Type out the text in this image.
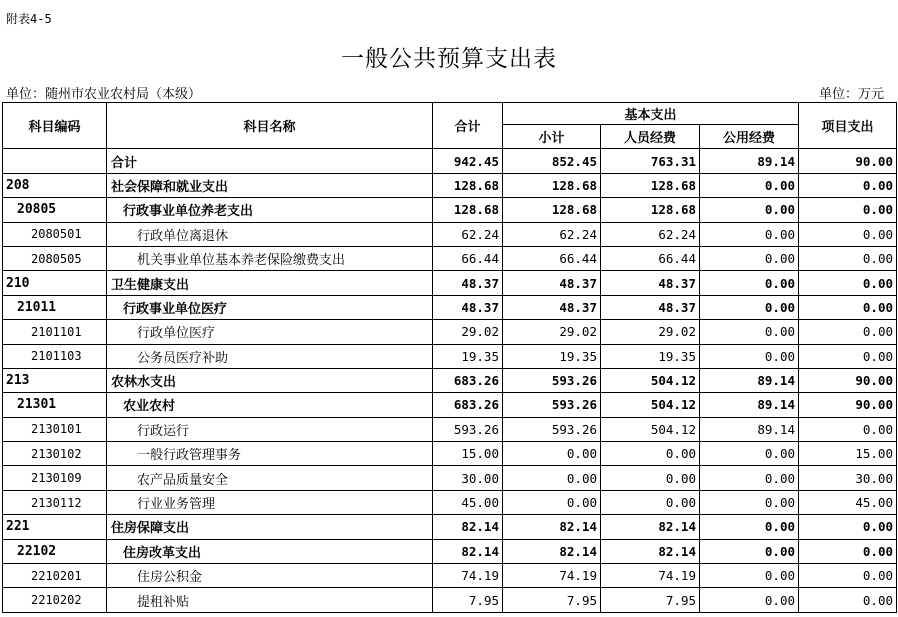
附表4-5
一般公共预算支出表
单位：随州市农业农村局（本级）	单位：万元
科目编码	科目名称	合计	基本支出			项目支出
			小计	人员经费	公用经费	
	合计	942.45	852.45	763.31	89.14	90.00
208	社会保障和就业支出	128.68	128.68	128.68	0.00	0.00
20805	行政事业单位养老支出	128.68	128.68	128.68	0.00	0.00
2080501	行政单位离退休	62.24	62.24	62.24	0.00	0.00
2080505	机关事业单位基本养老保险缴费支出	66.44	66.44	66.44	0.00	0.00
210	卫生健康支出	48.37	48.37	48.37	0.00	0.00
21011	行政事业单位医疗	48.37	48.37	48.37	0.00	0.00
2101101	行政单位医疗	29.02	29.02	29.02	0.00	0.00
2101103	公务员医疗补助	19.35	19.35	19.35	0.00	0.00
213	农林水支出	683.26	593.26	504.12	89.14	90.00
21301	农业农村	683.26	593.26	504.12	89.14	90.00
2130101	行政运行	593.26	593.26	504.12	89.14	0.00
2130102	一般行政管理事务	15.00	0.00	0.00	0.00	15.00
2130109	农产品质量安全	30.00	0.00	0.00	0.00	30.00
2130112	行业业务管理	45.00	0.00	0.00	0.00	45.00
221	住房保障支出	82.14	82.14	82.14	0.00	0.00
22102	住房改革支出	82.14	82.14	82.14	0.00	0.00
2210201	住房公积金	74.19	74.19	74.19	0.00	0.00
2210202	提租补贴	7.95	7.95	7.95	0.00	0.00
